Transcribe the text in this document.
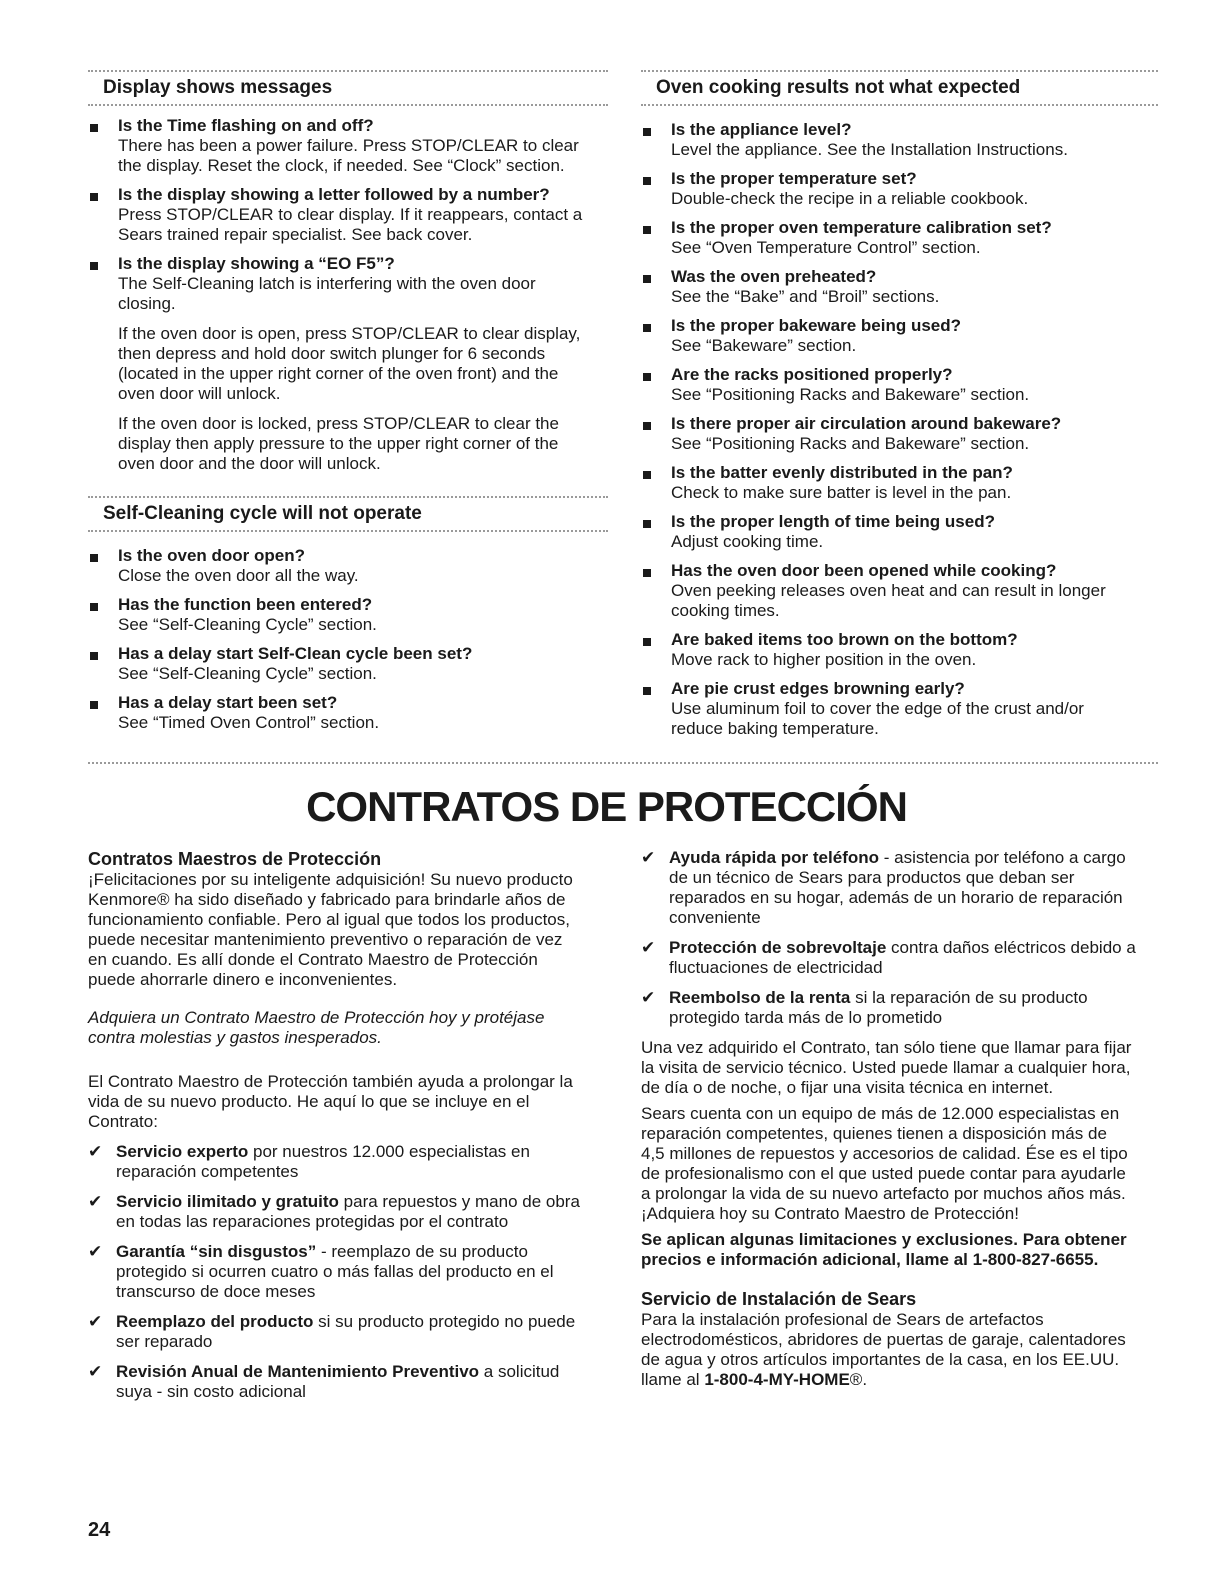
Display shows messages
Is the Time flashing on and off?
There has been a power failure. Press STOP/CLEAR to clear
the display. Reset the clock, if needed. See “Clock” section.
Is the display showing a letter followed by a number?
Press STOP/CLEAR to clear display. If it reappears, contact a
Sears trained repair specialist. See back cover.
Is the display showing a “EO F5”?
The Self-Cleaning latch is interfering with the oven door
closing.
If the oven door is open, press STOP/CLEAR to clear display,
then depress and hold door switch plunger for 6 seconds
(located in the upper right corner of the oven front) and the
oven door will unlock.
If the oven door is locked, press STOP/CLEAR to clear the
display then apply pressure to the upper right corner of the
oven door and the door will unlock.
Self-Cleaning cycle will not operate
Is the oven door open?
Close the oven door all the way.
Has the function been entered?
See “Self-Cleaning Cycle” section.
Has a delay start Self-Clean cycle been set?
See “Self-Cleaning Cycle” section.
Has a delay start been set?
See “Timed Oven Control” section.
Oven cooking results not what expected
Is the appliance level?
Level the appliance. See the Installation Instructions.
Is the proper temperature set?
Double-check the recipe in a reliable cookbook.
Is the proper oven temperature calibration set?
See “Oven Temperature Control” section.
Was the oven preheated?
See the “Bake” and “Broil” sections.
Is the proper bakeware being used?
See “Bakeware” section.
Are the racks positioned properly?
See “Positioning Racks and Bakeware” section.
Is there proper air circulation around bakeware?
See “Positioning Racks and Bakeware” section.
Is the batter evenly distributed in the pan?
Check to make sure batter is level in the pan.
Is the proper length of time being used?
Adjust cooking time.
Has the oven door been opened while cooking?
Oven peeking releases oven heat and can result in longer
cooking times.
Are baked items too brown on the bottom?
Move rack to higher position in the oven.
Are pie crust edges browning early?
Use aluminum foil to cover the edge of the crust and/or
reduce baking temperature.
CONTRATOS DE PROTECCIÓN
Contratos Maestros de Protección
¡Felicitaciones por su inteligente adquisición! Su nuevo producto
Kenmore® ha sido diseñado y fabricado para brindarle años de
funcionamiento confiable. Pero al igual que todos los productos,
puede necesitar mantenimiento preventivo o reparación de vez
en cuando. Es allí donde el Contrato Maestro de Protección
puede ahorrarle dinero e inconvenientes.
Adquiera un Contrato Maestro de Protección hoy y protéjase
contra molestias y gastos inesperados.
El Contrato Maestro de Protección también ayuda a prolongar la
vida de su nuevo producto. He aquí lo que se incluye en el
Contrato:
✔ Servicio experto por nuestros 12.000 especialistas en
reparación competentes
✔ Servicio ilimitado y gratuito para repuestos y mano de obra
en todas las reparaciones protegidas por el contrato
✔ Garantía “sin disgustos” - reemplazo de su producto
protegido si ocurren cuatro o más fallas del producto en el
transcurso de doce meses
✔ Reemplazo del producto si su producto protegido no puede
ser reparado
✔ Revisión Anual de Mantenimiento Preventivo a solicitud
suya - sin costo adicional
✔ Ayuda rápida por teléfono - asistencia por teléfono a cargo
de un técnico de Sears para productos que deban ser
reparados en su hogar, además de un horario de reparación
conveniente
✔ Protección de sobrevoltaje contra daños eléctricos debido a
fluctuaciones de electricidad
✔ Reembolso de la renta si la reparación de su producto
protegido tarda más de lo prometido
Una vez adquirido el Contrato, tan sólo tiene que llamar para fijar
la visita de servicio técnico. Usted puede llamar a cualquier hora,
de día o de noche, o fijar una visita técnica en internet.
Sears cuenta con un equipo de más de 12.000 especialistas en
reparación competentes, quienes tienen a disposición más de
4,5 millones de repuestos y accesorios de calidad. Ése es el tipo
de profesionalismo con el que usted puede contar para ayudarle
a prolongar la vida de su nuevo artefacto por muchos años más.
¡Adquiera hoy su Contrato Maestro de Protección!
Se aplican algunas limitaciones y exclusiones. Para obtener
precios e información adicional, llame al 1-800-827-6655.
Servicio de Instalación de Sears
Para la instalación profesional de Sears de artefactos
electrodomésticos, abridores de puertas de garaje, calentadores
de agua y otros artículos importantes de la casa, en los EE.UU.
llame al 1-800-4-MY-HOME®.
24
